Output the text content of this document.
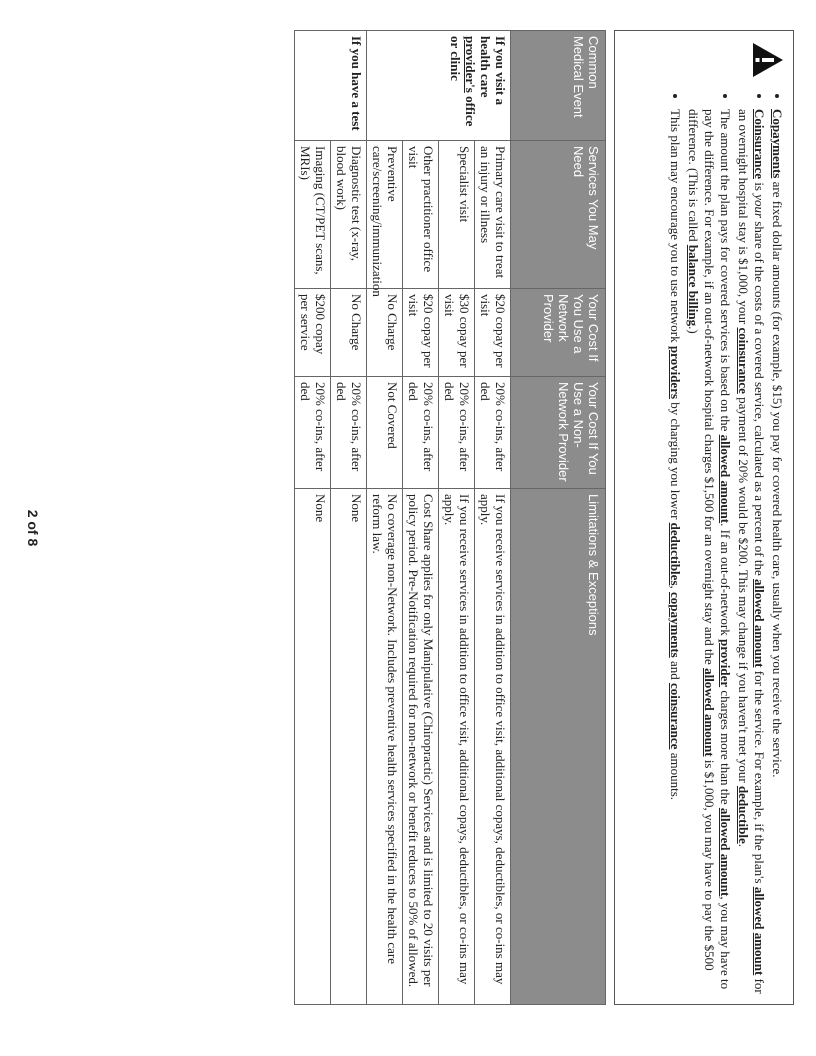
• Copayments are fixed dollar amounts (for example, $15) you pay for covered health care, usually when you receive the service.
• Coinsurance is your share of the costs of a covered service, calculated as a percent of the allowed amount for the service. For example, if the plan's allowed amount for an overnight hospital stay is $1,000, your coinsurance payment of 20% would be $200. This may change if you haven't met your deductible.
• The amount the plan pays for covered services is based on the allowed amount. If an out-of-network provider charges more than the allowed amount, you may have to pay the difference. For example, if an out-of-network hospital charges $1,500 for an overnight stay and the allowed amount is $1,000, you may have to pay the $500 difference. (This is called balance billing.)
• This plan may encourage you to use network providers by charging you lower deductibles, copayments and coinsurance amounts.
Common Medical Event	Services You May Need	Your Cost If You Use a Network Provider	Your Cost If You Use a Non-Network Provider	Limitations & Exceptions
If you visit a health care provider's office or clinic	Primary care visit to treat an injury or illness	$20 copay per visit	20% co-ins, after ded	If you receive services in addition to office visit, additional copays, deductibles, or co-ins may apply.
	Specialist visit	$30 copay per visit	20% co-ins, after ded	If you receive services in addition to office visit, additional copays, deductibles, or co-ins may apply.
	Other practitioner office visit	$20 copay per visit	20% co-ins, after ded	Cost Share applies for only Manipulative (Chiropractic) Services and is limited to 20 visits per policy period. Pre-Notification required for non-network or benefit reduces to 50% of allowed.
	Preventive care/screening/immunization	No Charge	Not Covered	No coverage non-Network. Includes preventive health services specified in the health care reform law.
If you have a test	Diagnostic test (x-ray, blood work)	No Charge	20% co-ins, after ded	None
	Imaging (CT/PET scans, MRIs)	$200 copay per service	20% co-ins, after ded	None
2 of 8
